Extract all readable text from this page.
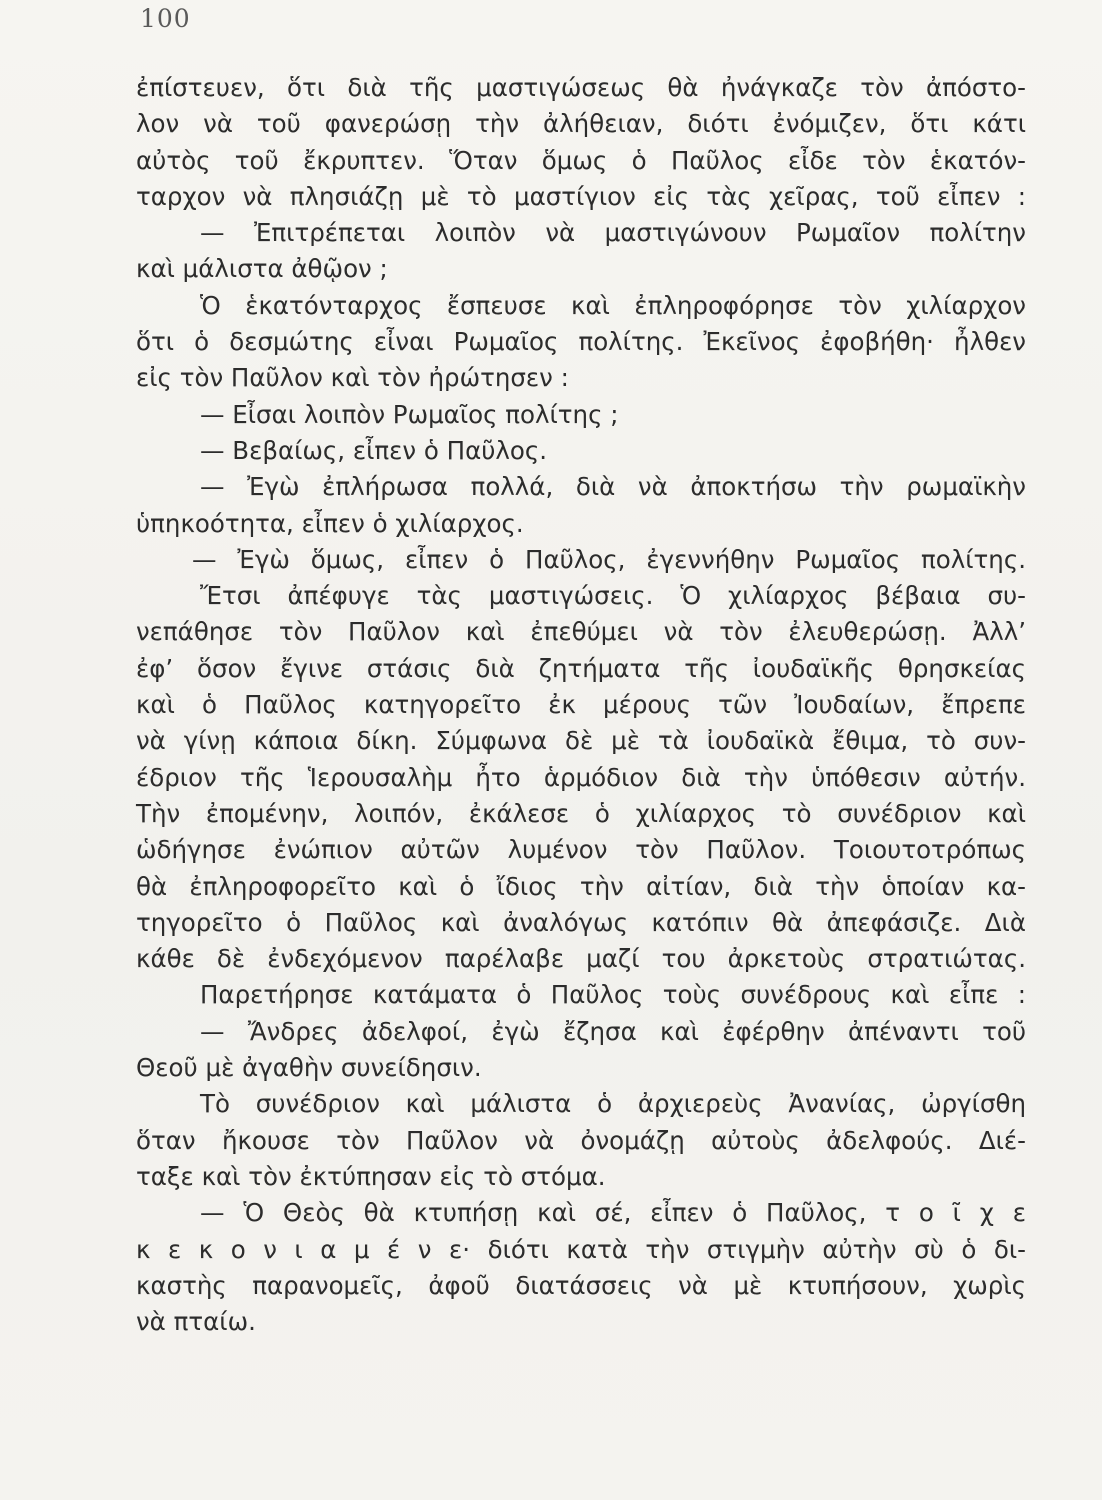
100
ἐπίστευεν, ὅτι διὰ τῆς μαστιγώσεως θὰ ἠνάγκαζε τὸν ἀπόστο-
λον νὰ τοῦ φανερώσῃ τὴν ἀλήθειαν, διότι ἐνόμιζεν, ὅτι κάτι
αὐτὸς τοῦ ἔκρυπτεν. Ὅταν ὅμως ὁ Παῦλος εἶδε τὸν ἑκατόν-
ταρχον νὰ πλησιάζῃ μὲ τὸ μαστίγιον εἰς τὰς χεῖρας, τοῦ εἶπεν :
— Ἐπιτρέπεται λοιπὸν νὰ μαστιγώνουν Ρωμαῖον πολίτην
καὶ μάλιστα ἀθῷον ;
Ὁ ἑκατόνταρχος ἔσπευσε καὶ ἐπληροφόρησε τὸν χιλίαρχον
ὅτι ὁ δεσμώτης εἶναι Ρωμαῖος πολίτης. Ἐκεῖνος ἐφοβήθη· ἦλθεν
εἰς τὸν Παῦλον καὶ τὸν ἠρώτησεν :
— Εἶσαι λοιπὸν Ρωμαῖος πολίτης ;
— Βεβαίως, εἶπεν ὁ Παῦλος.
— Ἐγὼ ἐπλήρωσα πολλά, διὰ νὰ ἀποκτήσω τὴν ρωμαϊκὴν
ὑπηκοότητα, εἶπεν ὁ χιλίαρχος.
— Ἐγὼ ὅμως, εἶπεν ὁ Παῦλος, ἐγεννήθην Ρωμαῖος πολίτης.
Ἔτσι ἀπέφυγε τὰς μαστιγώσεις. Ὁ χιλίαρχος βέβαια συ-
νεπάθησε τὸν Παῦλον καὶ ἐπεθύμει νὰ τὸν ἐλευθερώσῃ. Ἀλλ’
ἐφ’ ὅσον ἔγινε στάσις διὰ ζητήματα τῆς ἰουδαϊκῆς θρησκείας
καὶ ὁ Παῦλος κατηγορεῖτο ἐκ μέρους τῶν Ἰουδαίων, ἔπρεπε
νὰ γίνῃ κάποια δίκη. Σύμφωνα δὲ μὲ τὰ ἰουδαϊκὰ ἔθιμα, τὸ συν-
έδριον τῆς Ἱερουσαλὴμ ἦτο ἁρμόδιον διὰ τὴν ὑπόθεσιν αὐτήν.
Τὴν ἐπομένην, λοιπόν, ἐκάλεσε ὁ χιλίαρχος τὸ συνέδριον καὶ
ὡδήγησε ἐνώπιον αὐτῶν λυμένον τὸν Παῦλον. Τοιουτοτρόπως
θὰ ἐπληροφορεῖτο καὶ ὁ ἴδιος τὴν αἰτίαν, διὰ τὴν ὁποίαν κα-
τηγορεῖτο ὁ Παῦλος καὶ ἀναλόγως κατόπιν θὰ ἀπεφάσιζε. Διὰ
κάθε δὲ ἐνδεχόμενον παρέλαβε μαζί του ἀρκετοὺς στρατιώτας.
Παρετήρησε κατάματα ὁ Παῦλος τοὺς συνέδρους καὶ εἶπε :
— Ἄνδρες ἀδελφοί, ἐγὼ ἔζησα καὶ ἐφέρθην ἀπέναντι τοῦ
Θεοῦ μὲ ἀγαθὴν συνείδησιν.
Τὸ συνέδριον καὶ μάλιστα ὁ ἀρχιερεὺς Ἀνανίας, ὠργίσθη
ὅταν ἤκουσε τὸν Παῦλον νὰ ὀνομάζῃ αὐτοὺς ἀδελφούς. Διέ-
ταξε καὶ τὸν ἐκτύπησαν εἰς τὸ στόμα.
— Ὁ Θεὸς θὰ κτυπήσῃ καὶ σέ, εἶπεν ὁ Παῦλος, τ ο ῖ χ ε
κ ε κ ο ν ι α μ έ ν ε· διότι κατὰ τὴν στιγμὴν αὐτὴν σὺ ὁ δι-
καστὴς παρανομεῖς, ἀφοῦ διατάσσεις νὰ μὲ κτυπήσουν, χωρὶς
νὰ πταίω.
